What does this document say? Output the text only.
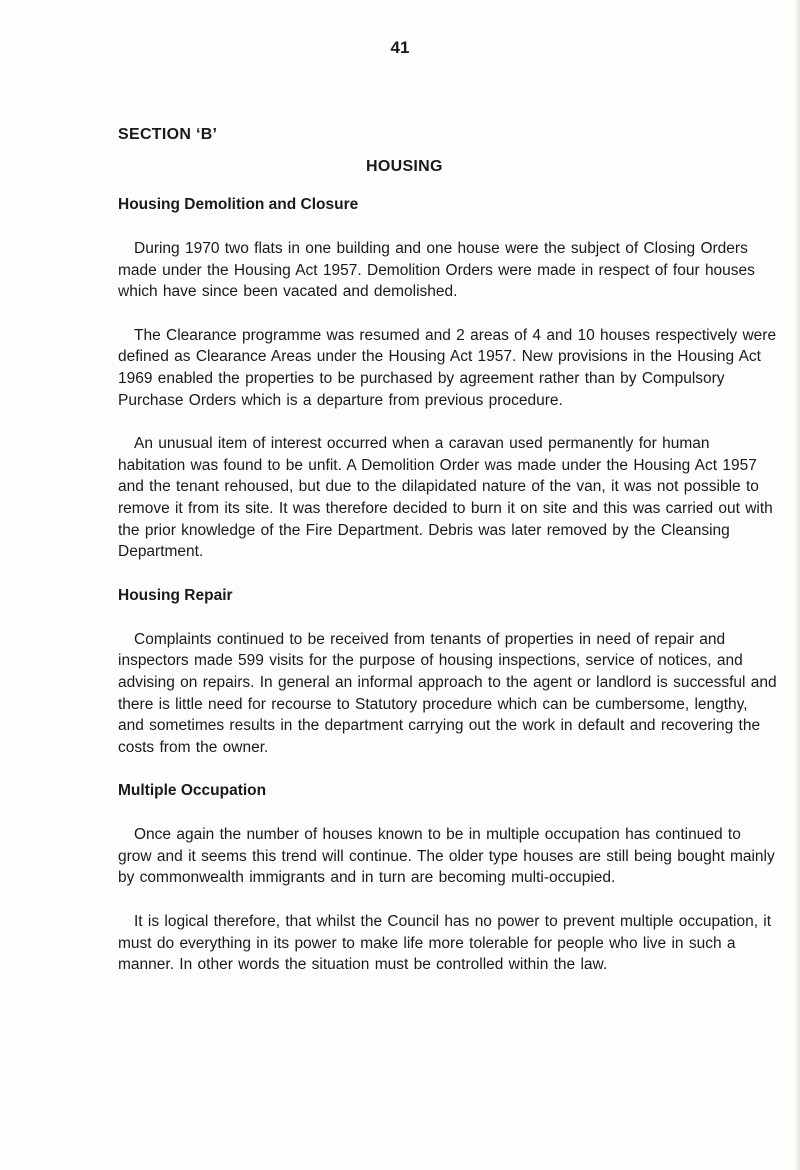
41
SECTION ‘B’
HOUSING

Housing Demolition and Closure

During 1970 two flats in one building and one house were the subject of Closing Orders made under the Housing Act 1957. Demolition Orders were made in respect of four houses which have since been vacated and demolished.

The Clearance programme was resumed and 2 areas of 4 and 10 houses respectively were defined as Clearance Areas under the Housing Act 1957. New provisions in the Housing Act 1969 enabled the properties to be purchased by agreement rather than by Compulsory Purchase Orders which is a departure from previous procedure.

An unusual item of interest occurred when a caravan used permanently for human habitation was found to be unfit. A Demolition Order was made under the Housing Act 1957 and the tenant rehoused, but due to the dilapidated nature of the van, it was not possible to remove it from its site. It was therefore decided to burn it on site and this was carried out with the prior knowledge of the Fire Department. Debris was later removed by the Cleansing Department.

Housing Repair

Complaints continued to be received from tenants of properties in need of repair and inspectors made 599 visits for the purpose of housing inspections, service of notices, and advising on repairs. In general an informal approach to the agent or landlord is successful and there is little need for recourse to Statutory procedure which can be cumbersome, lengthy, and sometimes results in the department carrying out the work in default and recovering the costs from the owner.

Multiple Occupation

Once again the number of houses known to be in multiple occupation has continued to grow and it seems this trend will continue. The older type houses are still being bought mainly by commonwealth immigrants and in turn are becoming multi-occupied.

It is logical therefore, that whilst the Council has no power to prevent multiple occupation, it must do everything in its power to make life more tolerable for people who live in such a manner. In other words the situation must be controlled within the law.
